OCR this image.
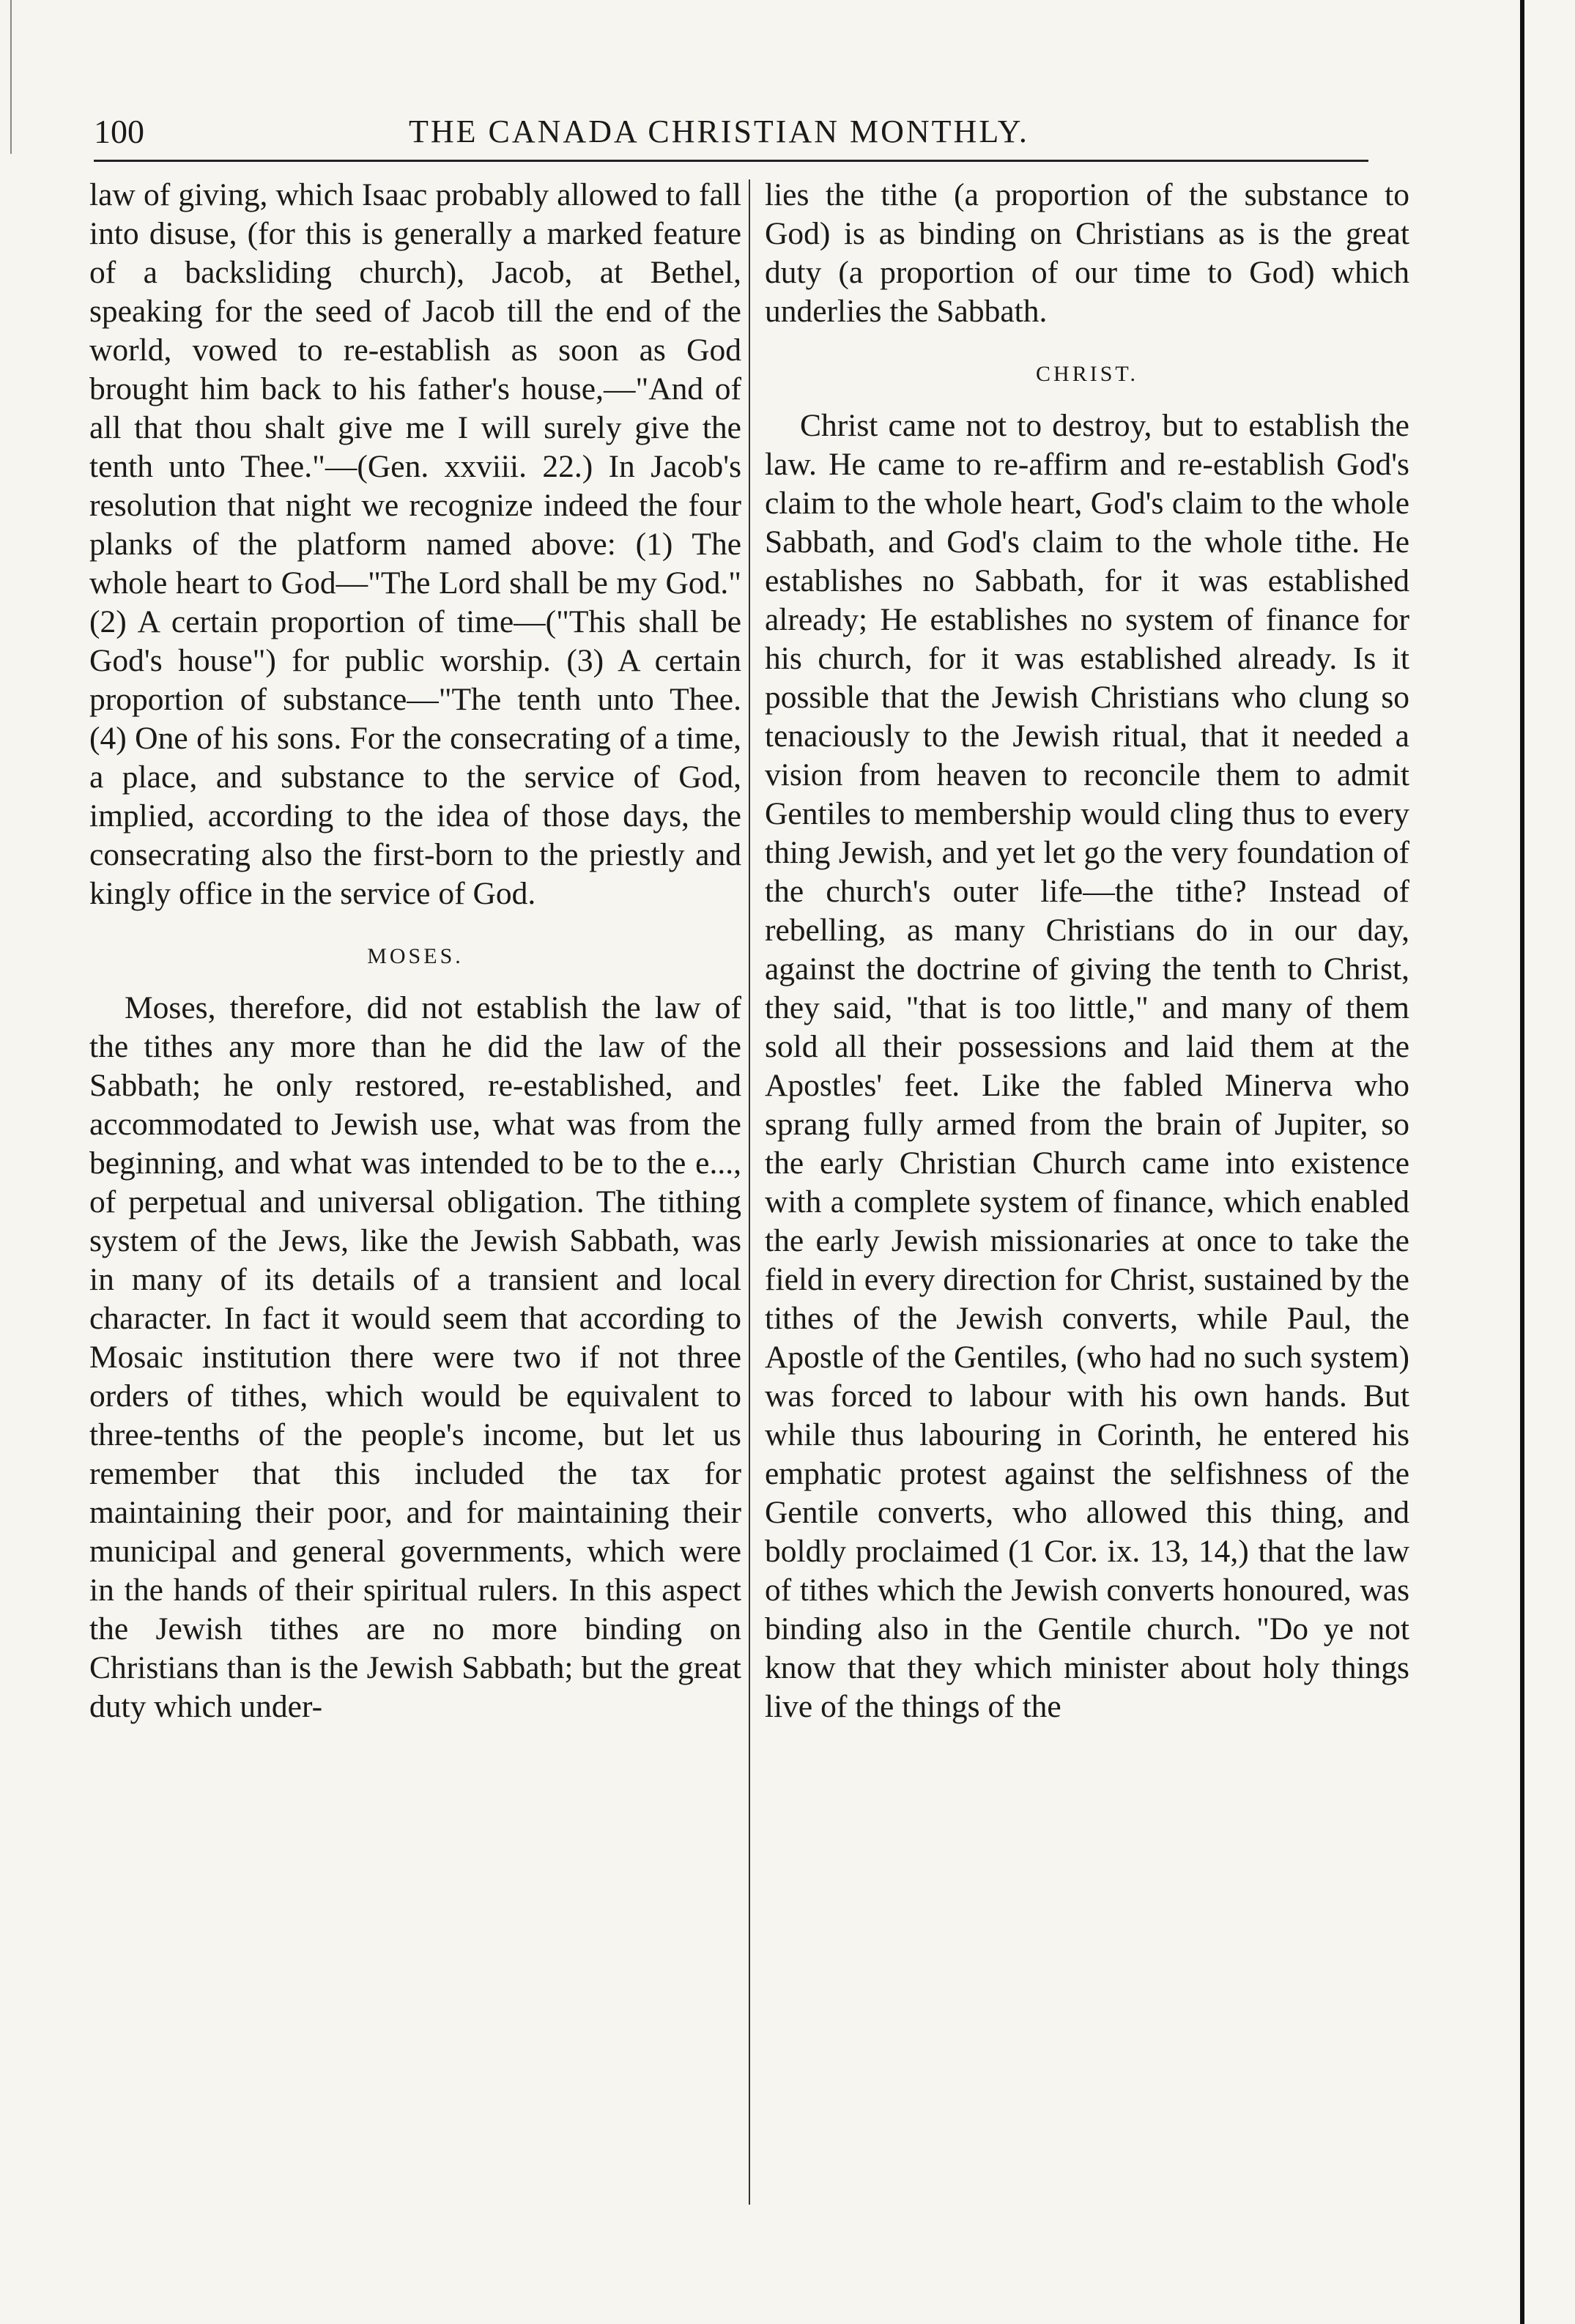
100	THE CANADA CHRISTIAN MONTHLY.

law of giving, which Isaac probably allowed to fall into disuse, (for this is generally a marked feature of a backsliding church), Jacob, at Bethel, speaking for the seed of Jacob till the end of the world, vowed to re-establish as soon as God brought him back to his father's house,—"And of all that thou shalt give me I will surely give the tenth unto Thee."—(Gen. xxviii. 22.) In Jacob's resolution that night we recognize indeed the four planks of the platform named above: (1) The whole heart to God—"The Lord shall be my God." (2) A certain proportion of time—("This shall be God's house") for public worship. (3) A certain proportion of substance—"The tenth unto Thee. (4) One of his sons. For the consecrating of a time, a place, and substance to the service of God, implied, according to the idea of those days, the consecrating also the first-born to the priestly and kingly office in the service of God.

MOSES.

Moses, therefore, did not establish the law of the tithes any more than he did the law of the Sabbath; he only restored, re-established, and accommodated to Jewish use, what was from the beginning, and what was intended to be to the e..., of perpetual and universal obligation. The tithing system of the Jews, like the Jewish Sabbath, was in many of its details of a transient and local character. In fact it would seem that according to Mosaic institution there were two if not three orders of tithes, which would be equivalent to three-tenths of the people's income, but let us remember that this included the tax for maintaining their poor, and for maintaining their municipal and general governments, which were in the hands of their spiritual rulers. In this aspect the Jewish tithes are no more binding on Christians than is the Jewish Sabbath; but the great duty which under-

lies the tithe (a proportion of the substance to God) is as binding on Christians as is the great duty (a proportion of our time to God) which underlies the Sabbath.

CHRIST.

Christ came not to destroy, but to establish the law. He came to re-affirm and re-establish God's claim to the whole heart, God's claim to the whole Sabbath, and God's claim to the whole tithe. He establishes no Sabbath, for it was established already; He establishes no system of finance for his church, for it was established already. Is it possible that the Jewish Christians who clung so tenaciously to the Jewish ritual, that it needed a vision from heaven to reconcile them to admit Gentiles to membership would cling thus to every thing Jewish, and yet let go the very foundation of the church's outer life—the tithe? Instead of rebelling, as many Christians do in our day, against the doctrine of giving the tenth to Christ, they said, "that is too little," and many of them sold all their possessions and laid them at the Apostles' feet. Like the fabled Minerva who sprang fully armed from the brain of Jupiter, so the early Christian Church came into existence with a complete system of finance, which enabled the early Jewish missionaries at once to take the field in every direction for Christ, sustained by the tithes of the Jewish converts, while Paul, the Apostle of the Gentiles, (who had no such system) was forced to labour with his own hands. But while thus labouring in Corinth, he entered his emphatic protest against the selfishness of the Gentile converts, who allowed this thing, and boldly proclaimed (1 Cor. ix. 13, 14,) that the law of tithes which the Jewish converts honoured, was binding also in the Gentile church. "Do ye not know that they which minister about holy things live of the things of the
